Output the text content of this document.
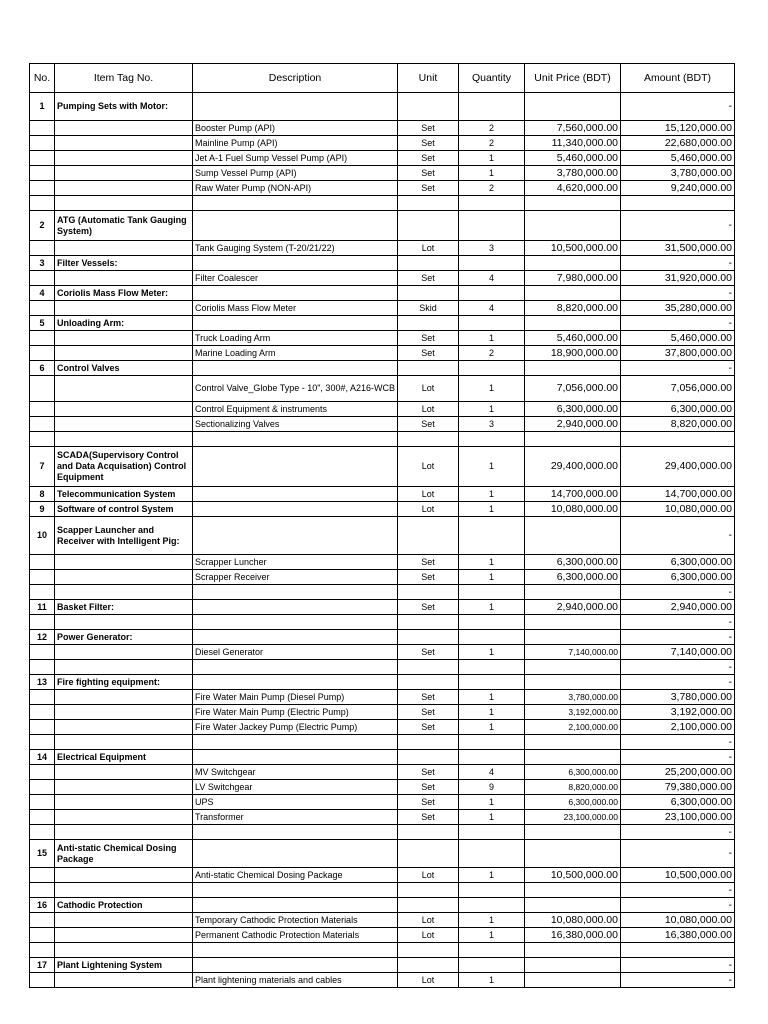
No.	Item Tag No.	Description	Unit	Quantity	Unit Price (BDT)	Amount (BDT)
1	Pumping Sets with Motor:					-
		Booster Pump (API)	Set	2	7,560,000.00	15,120,000.00
		Mainline Pump (API)	Set	2	11,340,000.00	22,680,000.00
		Jet A-1 Fuel Sump Vessel Pump (API)	Set	1	5,460,000.00	5,460,000.00
		Sump Vessel Pump (API)	Set	1	3,780,000.00	3,780,000.00
		Raw Water Pump (NON-API)	Set	2	4,620,000.00	9,240,000.00

2	ATG (Automatic Tank Gauging System)					-
		Tank Gauging System (T-20/21/22)	Lot	3	10,500,000.00	31,500,000.00
3	Filter Vessels:					-
		Filter Coalescer	Set	4	7,980,000.00	31,920,000.00
4	Coriolis Mass Flow Meter:					-
		Coriolis Mass Flow Meter	Skid	4	8,820,000.00	35,280,000.00
5	Unloading Arm:					-
		Truck Loading Arm	Set	1	5,460,000.00	5,460,000.00
		Marine Loading Arm	Set	2	18,900,000.00	37,800,000.00
6	Control Valves					-
		Control Valve_Globe Type - 10", 300#, A216-WCB	Lot	1	7,056,000.00	7,056,000.00
		Control Equipment & instruments	Lot	1	6,300,000.00	6,300,000.00
		Sectionalizing Valves	Set	3	2,940,000.00	8,820,000.00

7	SCADA(Supervisory Control and Data Acquisation) Control Equipment		Lot	1	29,400,000.00	29,400,000.00
8	Telecommunication System		Lot	1	14,700,000.00	14,700,000.00
9	Software of control System		Lot	1	10,080,000.00	10,080,000.00
10	Scapper Launcher and Receiver with Intelligent Pig:					-
		Scrapper Luncher	Set	1	6,300,000.00	6,300,000.00
		Scrapper Receiver	Set	1	6,300,000.00	6,300,000.00
						-
11	Basket Filter:		Set	1	2,940,000.00	2,940,000.00
						-
12	Power Generator:					-
		Diesel Generator	Set	1	7,140,000.00	7,140,000.00
						-
13	Fire fighting equipment:					-
		Fire Water Main Pump (Diesel Pump)	Set	1	3,780,000.00	3,780,000.00
		Fire Water Main Pump (Electric Pump)	Set	1	3,192,000.00	3,192,000.00
		Fire Water Jackey Pump (Electric Pump)	Set	1	2,100,000.00	2,100,000.00
						-
14	Electrical Equipment					-
		MV Switchgear	Set	4	6,300,000.00	25,200,000.00
		LV Switchgear	Set	9	8,820,000.00	79,380,000.00
		UPS	Set	1	6,300,000.00	6,300,000.00
		Transformer	Set	1	23,100,000.00	23,100,000.00
						-
15	Anti-static Chemical Dosing Package					-
		Anti-static Chemical Dosing Package	Lot	1	10,500,000.00	10,500,000.00
						-
16	Cathodic Protection					-
		Temporary Cathodic Protection Materials	Lot	1	10,080,000.00	10,080,000.00
		Permanent Cathodic Protection Materials	Lot	1	16,380,000.00	16,380,000.00

17	Plant Lightening System					-
		Plant lightening materials and cables	Lot	1		-
